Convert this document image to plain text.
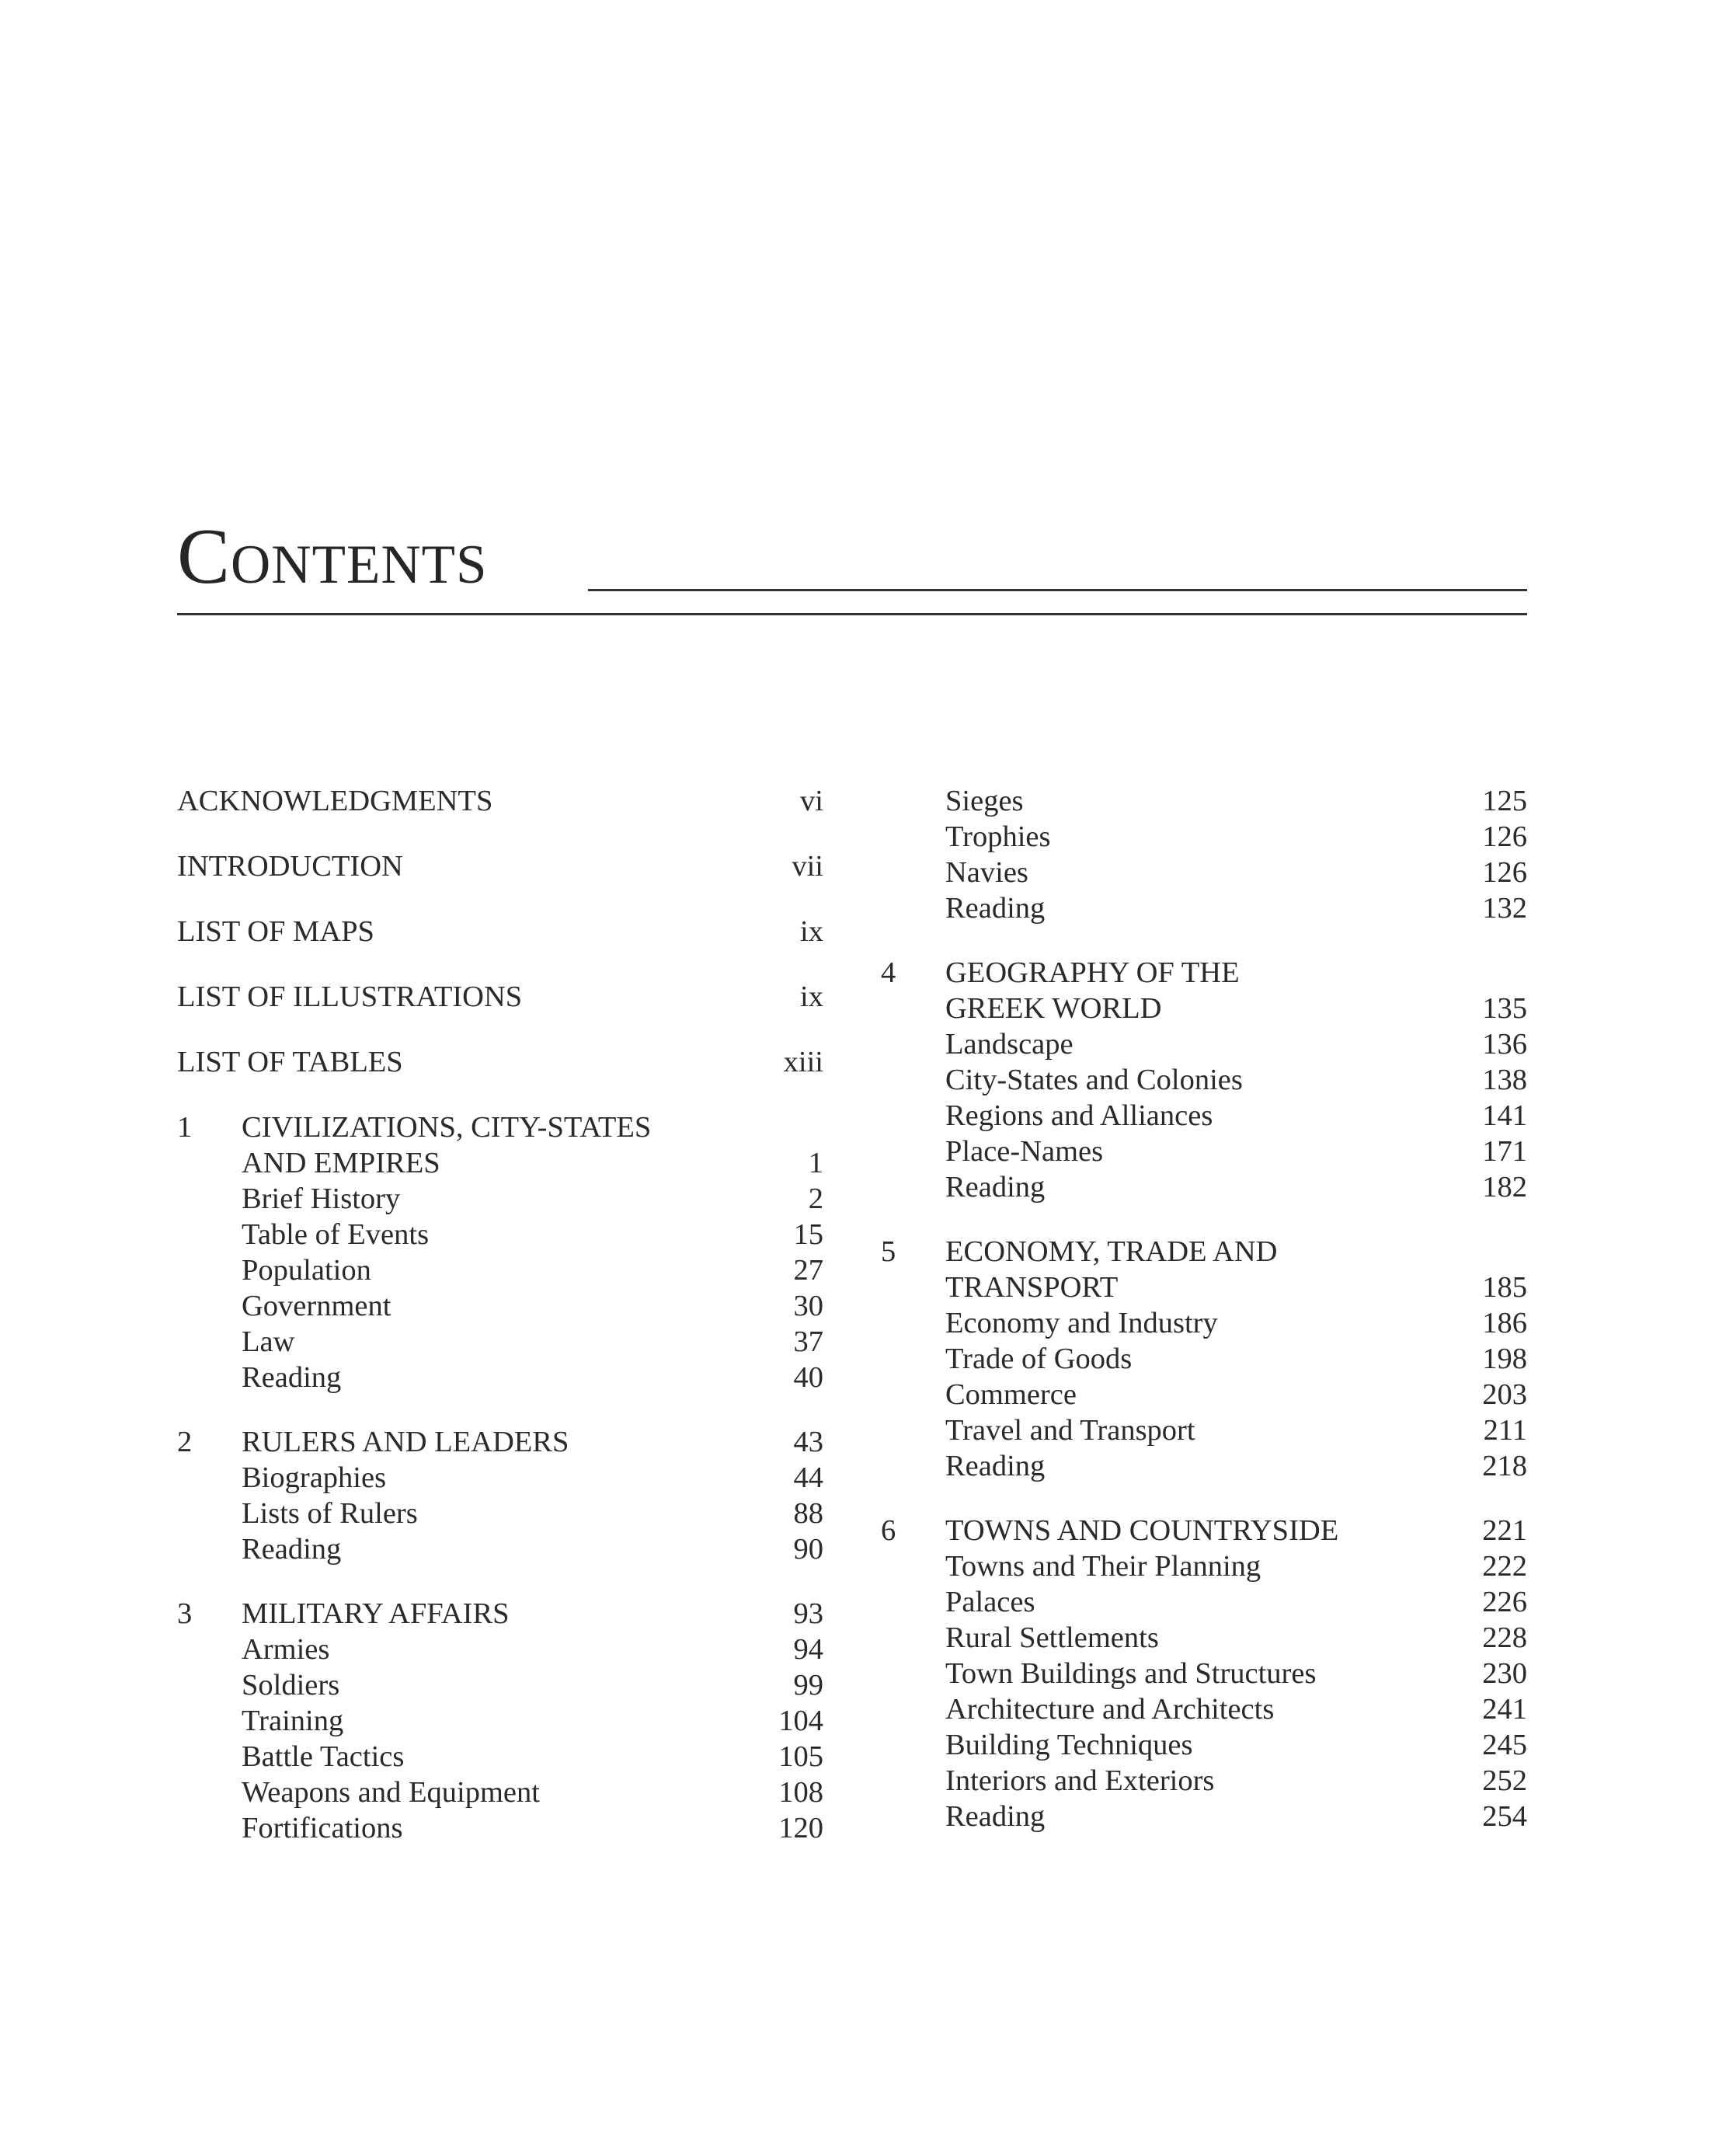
Contents
ACKNOWLEDGMENTS	vi
INTRODUCTION	vii
LIST OF MAPS	ix
LIST OF ILLUSTRATIONS	ix
LIST OF TABLES	xiii
1 CIVILIZATIONS, CITY-STATES
AND EMPIRES	1
Brief History	2
Table of Events	15
Population	27
Government	30
Law	37
Reading	40
2 RULERS AND LEADERS	43
Biographies	44
Lists of Rulers	88
Reading	90
3 MILITARY AFFAIRS	93
Armies	94
Soldiers	99
Training	104
Battle Tactics	105
Weapons and Equipment	108
Fortifications	120
Sieges	125
Trophies	126
Navies	126
Reading	132
4 GEOGRAPHY OF THE
GREEK WORLD	135
Landscape	136
City-States and Colonies	138
Regions and Alliances	141
Place-Names	171
Reading	182
5 ECONOMY, TRADE AND
TRANSPORT	185
Economy and Industry	186
Trade of Goods	198
Commerce	203
Travel and Transport	211
Reading	218
6 TOWNS AND COUNTRYSIDE	221
Towns and Their Planning	222
Palaces	226
Rural Settlements	228
Town Buildings and Structures	230
Architecture and Architects	241
Building Techniques	245
Interiors and Exteriors	252
Reading	254
